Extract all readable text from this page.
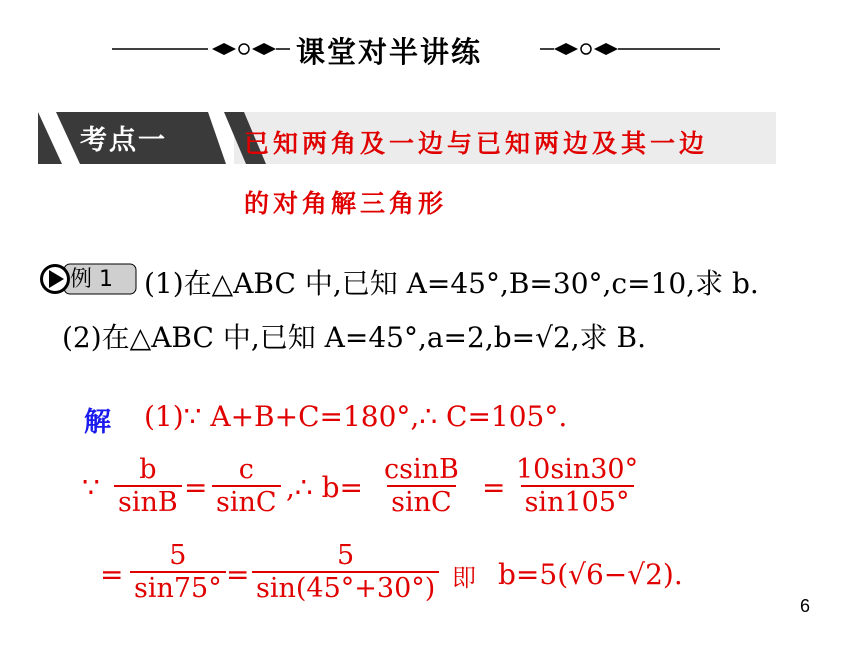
课堂对半讲练
考点一	已知两角及一边与已知两边及其一边
的对角解三角形
例 1 (1)在△ABC 中,已知 A=45°,B=30°,c=10,求 b.
(2)在△ABC 中,已知 A=45°,a=2,b=√2,求 B.
解 (1)∵ A+B+C=180°,∴ C=105°.
∵ $\frac{b}{\sin B} = \frac{c}{\sin C}$ ,∴ $b= \frac{csinB}{\sin C} = \frac{10\sin 30^\circ}{\sin 105^\circ}$
= $\frac{5}{\sin 75^\circ} = \frac{5}{\sin(45^\circ+30^\circ)}$ 即 b=5(√6−√2).
6
